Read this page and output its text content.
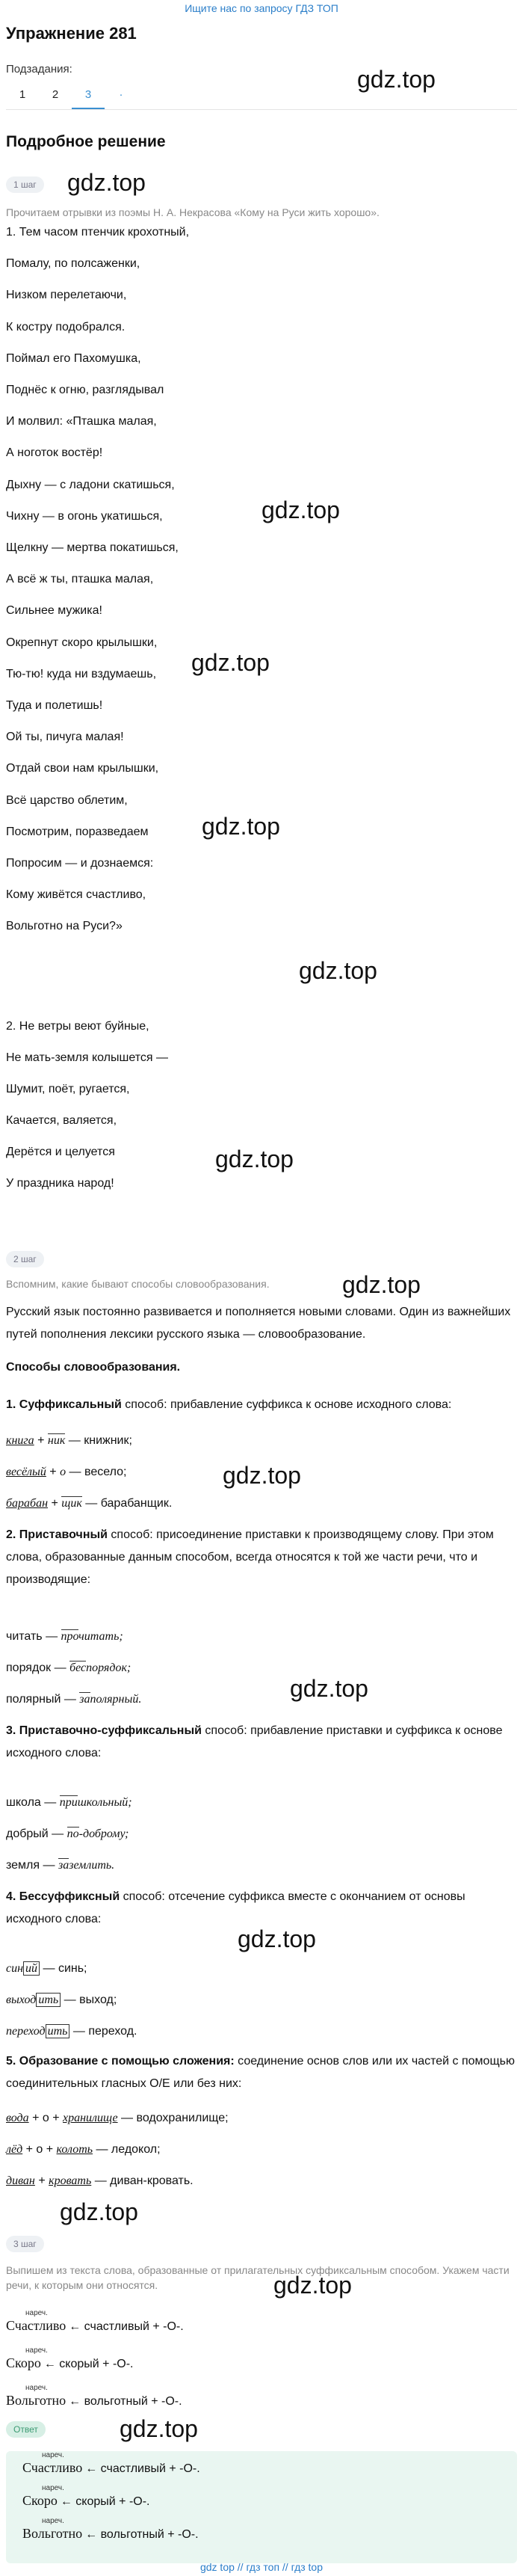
Ищите нас по запросу ГДЗ ТОП
Упражнение 281
Подзадания:
1	2	3	·
gdz.top
Подробное решение
1 шаг	gdz.top
Прочитаем отрывки из поэмы Н. А. Некрасова «Кому на Руси жить хорошо».
1. Тем часом птенчик крохотный,
Помалу, по полсаженки,
Низком перелетаючи,
К костру подобрался.
Поймал его Пахомушка,
Поднёс к огню, разглядывал
И молвил: «Пташка малая,
А ноготок востёр!
Дыхну — с ладони скатишься,
Чихну — в огонь укатишься,
Щелкну — мертва покатишься,
А всё ж ты, пташка малая,
Сильнее мужика!
Окрепнут скоро крылышки,
Тю-тю! куда ни вздумаешь,
Туда и полетишь!
Ой ты, пичуга малая!
Отдай свои нам крылышки,
Всё царство облетим,
Посмотрим, поразведаем
Попросим — и дознаемся:
Кому живётся счастливо,
Вольготно на Руси?»
gdz.top
gdz.top
gdz.top
gdz.top
2. Не ветры веют буйные,
Не мать-земля колышется —
Шумит, поёт, ругается,
Качается, валяется,
Дерётся и целуется
У праздника народ!
gdz.top
2 шаг
Вспомним, какие бывают способы словообразования.	gdz.top
Русский язык постоянно развивается и пополняется новыми словами. Один из важнейших путей пополнения лексики русского языка — словообразование.
Способы словообразования.
1. Суффиксальный способ: прибавление суффикса к основе исходного слова:
книга + ник — книжник;
весёлый + о — весело;
барабан + щик — барабанщик.
gdz.top
2. Приставочный способ: присоединение приставки к производящему слову. При этом слова, образованные данным способом, всегда относятся к той же части речи, что и производящие:
читать — прочитать;
порядок — беспорядок;
полярный — заполярный.	gdz.top
3. Приставочно-суффиксальный способ: прибавление приставки и суффикса к основе исходного слова:
школа — пришкольный;
добрый — по-доброму;
земля — заземлить.
4. Бессуффиксный способ: отсечение суффикса вместе с окончанием от основы исходного слова:
gdz.top
син ий — синь;
выход ить — выход;
переход ить — переход.
5. Образование с помощью сложения: соединение основ слов или их частей с помощью соединительных гласных О/Е или без них:
вода + о + хранилище — водохранилище;
лёд + о + колоть — ледокол;
диван + кровать — диван-кровать.
gdz.top
3 шаг
Выпишем из текста слова, образованные от прилагательных суффиксальным способом. Укажем части речи, к которым они относятся.	gdz.top
нареч.
Счастливо ← счастливый + -О-.
нареч.
Скоро ← скорый + -О-.
нареч.
Вольготно ← вольготный + -О-.
Ответ	gdz.top
нареч.
Счастливо ← счастливый + -О-.
нареч.
Скоро ← скорый + -О-.
нареч.
Вольготно ← вольготный + -О-.
gdz top // гдз топ // гдз top
